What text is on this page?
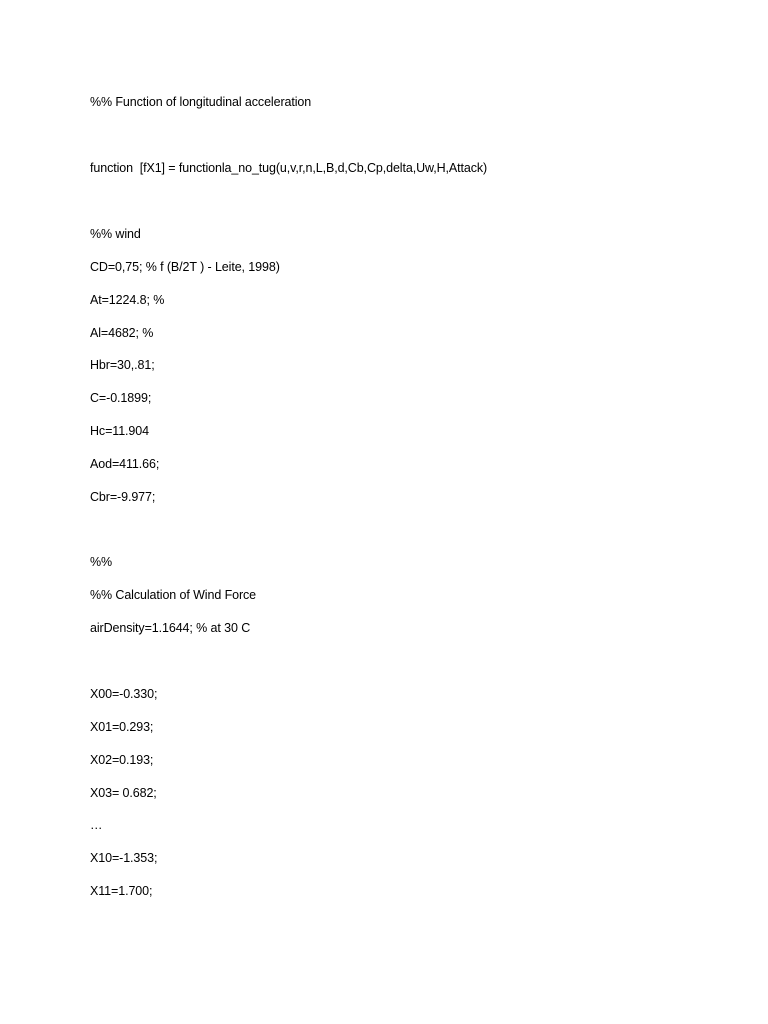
%% Function of longitudinal acceleration
function  [fX1] = functionla_no_tug(u,v,r,n,L,B,d,Cb,Cp,delta,Uw,H,Attack)
%% wind
CD=0,75; % f (B/2T ) - Leite, 1998)
At=1224.8; %
Al=4682; %
Hbr=30,.81;
C=-0.1899;
Hc=11.904
Aod=411.66;
Cbr=-9.977;
%%
%% Calculation of Wind Force
airDensity=1.1644; % at 30 C
X00=-0.330;
X01=0.293;
X02=0.193;
X03= 0.682;
…
X10=-1.353;
X11=1.700;
